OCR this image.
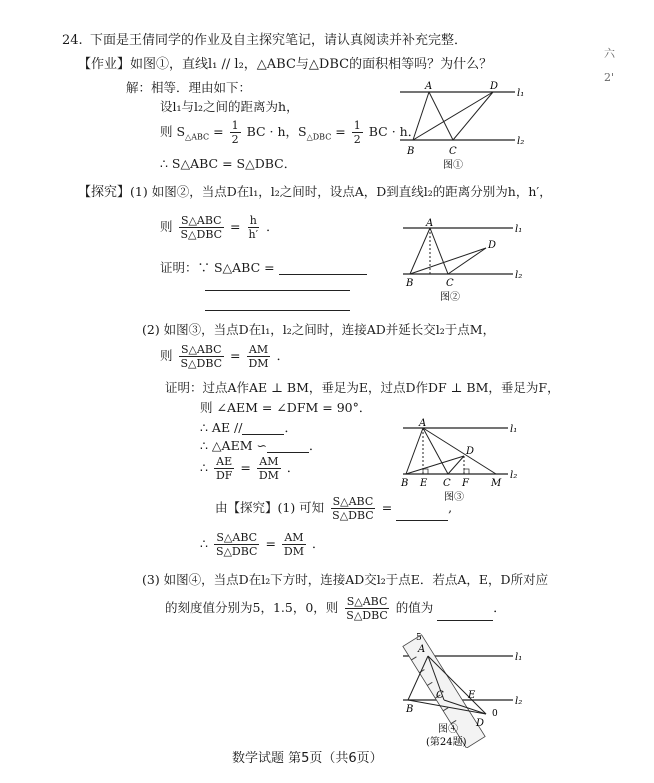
24. 下面是王倩同学的作业及自主探究笔记，请认真阅读并补充完整．
六
2'
【作业】如图①，直线l₁ // l₂，△ABC与△DBC的面积相等吗？为什么？
解：相等．理由如下：
设l₁与l₂之间的距离为h，
则 $S_{\triangle ABC} = \frac{1}{2}$ BC · h，$S_{\triangle DBC} = \frac{1}{2}$ BC · h．
∴ S△ABC = S△DBC．
A	D
B	C
l₁
l₂
图①
【探究】(1) 如图②，当点D在l₁，l₂之间时，设点A，D到直线l₂的距离分别为h，h′，
则 $\frac{\text{S△ABC}}{\text{S△DBC}} = \frac{h}{h'}$ ．
证明：∵ S△ABC =
A
D
B	C
l₁
l₂
图②
(2) 如图③，当点D在l₁，l₂之间时，连接AD并延长交l₂于点M，
则 $\frac{\text{S△ABC}}{\text{S△DBC}} = \frac{AM}{DM}$ ．
证明：过点A作AE ⊥ BM，垂足为E，过点D作DF ⊥ BM，垂足为F，
则 ∠AEM = ∠DFM = 90°．
∴ AE //	．
∴ △AEM ∽	．
∴ $\frac{AE}{DF} = \frac{AM}{DM}$ ．
由【探究】(1) 可知 $\frac{\text{S△ABC}}{\text{S△DBC}}$ =	,
∴ $\frac{\text{S△ABC}}{\text{S△DBC}} = \frac{AM}{DM}$ ．
A
D
B E C F M
l₁
l₂
图③
(3) 如图④，当点D在l₂下方时，连接AD交l₂于点E．若点A，E，D所对应
的刻度值分别为5，1.5，0，则 $\frac{\text{S△ABC}}{\text{S△DBC}}$ 的值为	．
A
B
C E
D
5
0
l₁
l₂
图④
(第24题)
数学试题 第5页（共6页）
